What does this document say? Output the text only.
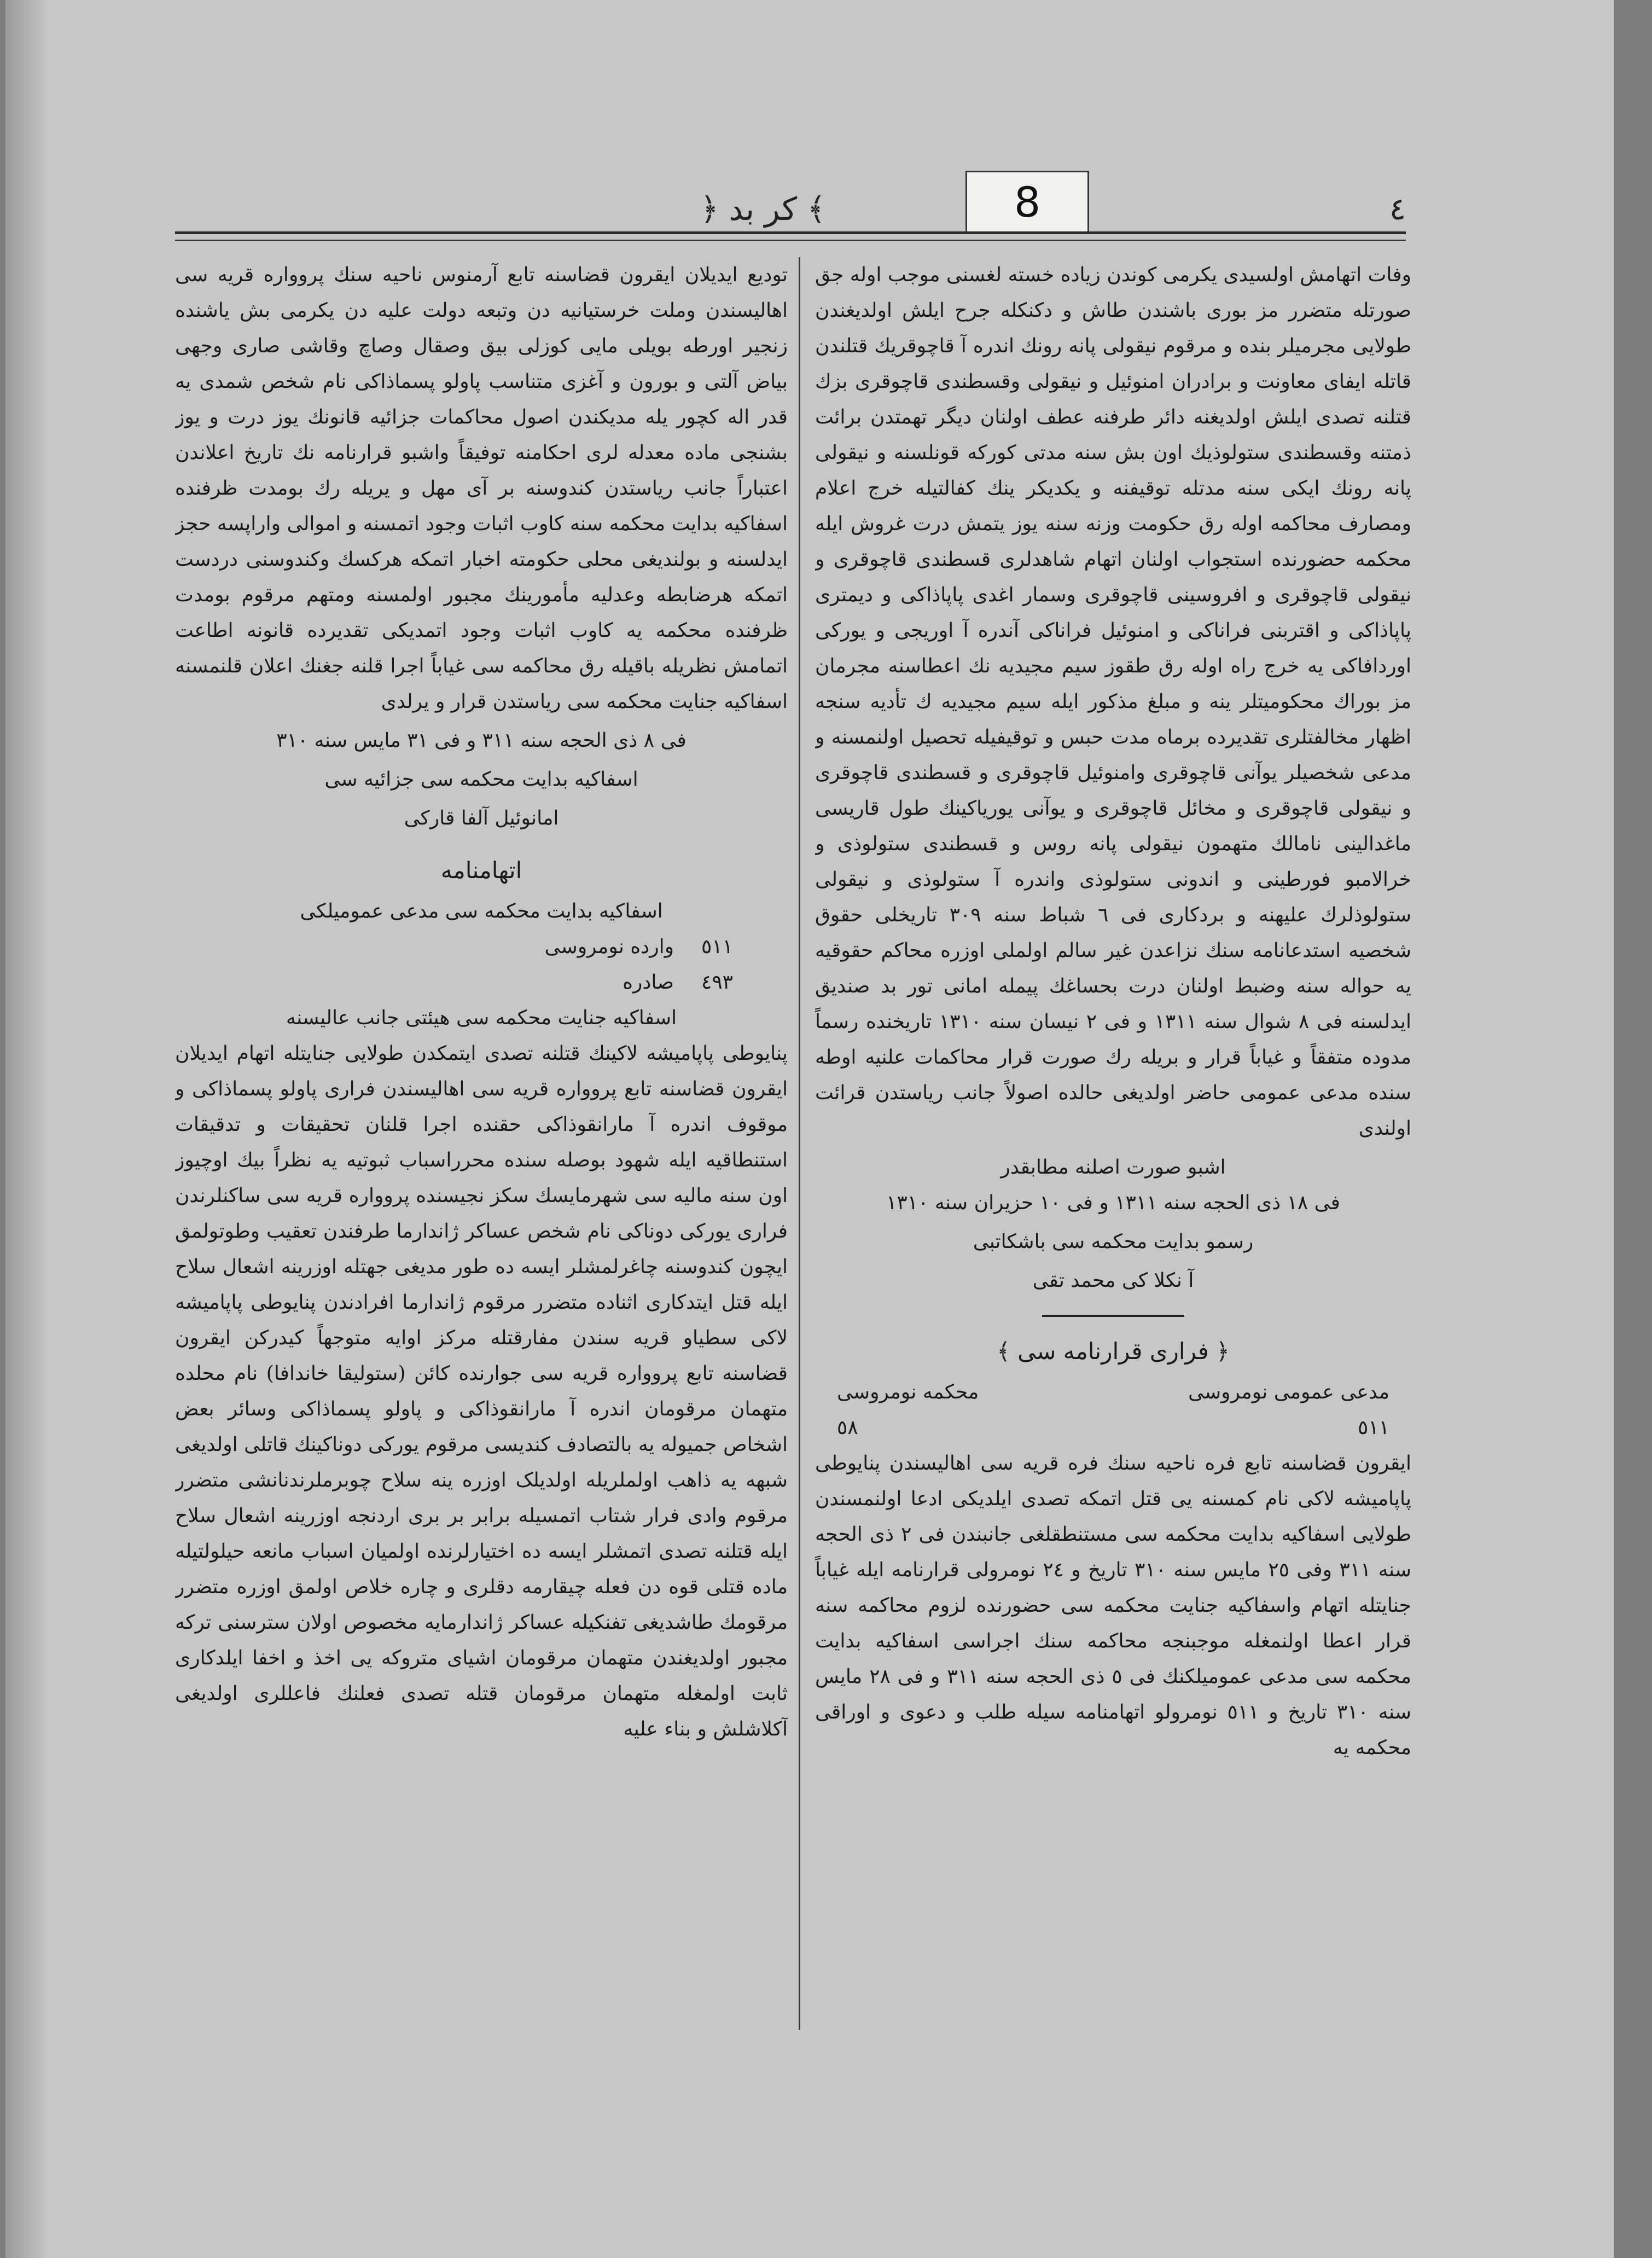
﴿ کر بد ﴾	٤
8

وفات اتهامش اولسیدی یکرمی کوندن زیاده خسته لغسنی موجب اوله جق صورتله متضرر مز بوری باشندن طاش و دکنکله جرح ایلش اولدیغندن طولایی مجرمیلر بنده و مرقوم نیقولی پانه رونك اندره آ قاچوقریك قتلندن قاتله ایفای معاونت و برادران امنوئیل و نیقولی وقسطندی قاچوقری بزك قتلنه تصدی ایلش اولدیغنه دائر طرفنه عطف اولنان دیگر تهمتدن برائت ذمتنه وقسطندی ستولوذیك اون بش سنه مدتی کورکه قونلسنه و نیقولی پانه رونك ایکی سنه مدتله توقیفنه و یکدیکر ینك کفالتیله خرج اعلام ومصارف محاکمه اوله رق حکومت وزنه سنه یوز یتمش درت غروش ایله محکمه حضورنده استجواب اولنان اتهام شاهدلری قسطندی قاچوقری و نیقولی قاچوقری و افروسینی قاچوقری وسمار اغدی پاپاذاکی و دیمتری پاپاذاکی و اقتربنی فراناکی و امنوئیل فراناکی آندره آ اوریجی و یورکی اوردافاکی یه خرج راه اوله رق طقوز سیم مجیدیه نك اعطاسنه مجرمان مز بوراك محکومیتلر ینه و مبلغ مذکور ایله سیم مجیدیه ك تأدیه سنجه اظهار مخالفتلری تقدیرده برماه مدت حبس و توقیفیله تحصیل اولنمسنه و مدعی شخصیلر یوآنی قاچوقری وامنوئیل قاچوقری و قسطندی قاچوقری و نیقولی قاچوقری و مخائل قاچوقری و یوآنی یوریاکینك طول قاریسی ماغدالینی نامالك متهمون نیقولی پانه روس و قسطندی ستولوذی و خرالامبو فورطینی و اندونی ستولوذی واندره آ ستولوذی و نیقولی ستولوذلرك علیهنه و بردکاری فی ٦ شباط سنه ٣٠٩ تاریخلی حقوق شخصیه استدعانامه سنك نزاعدن غیر سالم اولملی اوزره محاکم حقوقیه یه حواله سنه وضبط اولنان درت بحساغك پیمله امانی تور بد صندیق ایدلسنه فی ٨ شوال سنه ١٣١١ و فی ٢ نیسان سنه ١٣١٠ تاریخنده رسماً مدوده متفقاً و غیاباً قرار و بریله رك صورت قرار محاکمات علنیه اوطه سنده مدعی عمومی حاضر اولدیغی حالده اصولاً جانب ریاستدن قرائت اولندی

اشبو صورت اصلنه مطابقدر
فی ١٨ ذی الحجه سنه ١٣١١ و فی ١٠ حزیران سنه ١٣١٠
رسمو بدایت محکمه سی باشکاتبی
آ نکلا کی محمد تقی
﴿ فراری قرارنامه سی ﴾
مدعی عمومی نومروسی
محکمه نومروسی
٥١١
٥٨

ایقرون قضاسنه تابع فره ناحیه سنك فره قریه سی اهالیسندن پنایوطی پاپامیشه لاکی نام کمسنه یی قتل اتمکه تصدی ایلدیکی ادعا اولنمسندن طولایی اسفاکیه بدایت محکمه سی مستنطقلغی جانبندن فی ٢ ذی الحجه سنه ٣١١ وفی ٢٥ مایس سنه ٣١٠ تاریخ و ٢٤ نومرولی قرارنامه ایله غیاباً جنایتله اتهام واسفاکیه جنایت محکمه سی حضورنده لزوم محاکمه سنه قرار اعطا اولنمغله موجبنجه محاکمه سنك اجراسی اسفاکیه بدایت محکمه سی مدعی عمومیلکنك فی ٥ ذی الحجه سنه ٣١١ و فی ٢٨ مایس سنه ٣١٠ تاریخ و ٥١١ نومرولو اتهامنامه سیله طلب و دعوی و اوراقی محکمه یه

تودیع ایدیلان ایقرون قضاسنه تابع آرمنوس ناحیه سنك پروواره قریه سی اهالیسندن وملت خرستیانیه دن وتبعه دولت علیه دن یکرمی بش یاشنده زنجیر اورطه بویلی مایی کوزلی بیق وصقال وصاچ وقاشی صاری وجهی بیاض آلتی و بورون و آغزی متناسب پاولو پسماذاکی نام شخص شمدی یه قدر اله کچور یله مدیکندن اصول محاکمات جزائیه قانونك یوز درت و یوز بشنجی ماده معدله لری احکامنه توفیقاً واشبو قرارنامه نك تاریخ اعلاندن اعتباراً جانب ریاستدن کندوسنه بر آی مهل و یریله رك بومدت ظرفنده اسفاکیه بدایت محکمه سنه کاوب اثبات وجود اتمسنه و اموالی واراپسه حجز ایدلسنه و بولندیغی محلی حکومته اخبار اتمکه هرکسك وکندوسنی دردست اتمکه هرضابطه وعدلیه مأمورینك مجبور اولمسنه ومتهم مرقوم بومدت ظرفنده محکمه یه کاوب اثبات وجود اتمدیکی تقدیرده قانونه اطاعت اتمامش نظریله باقیله رق محاکمه سی غیاباً اجرا قلنه جغنك اعلان قلنمسنه اسفاکیه جنایت محکمه سی ریاستدن قرار و یرلدی

فی ٨ ذی الحجه سنه ٣١١ و فی ٣١ مایس سنه ٣١٠
اسفاکیه بدایت محکمه سی جزائیه سی
امانوئیل آلفا قارکی
اتهامنامه
اسفاکیه بدایت محکمه سی مدعی عمومیلکی
٥١١
وارده نومروسی
٤٩٣
صادره
اسفاکیه جنایت محکمه سی هیئتی جانب عالیسنه

پنایوطی پاپامیشه لاکینك قتلنه تصدی ایتمکدن طولایی جنایتله اتهام ایدیلان ایقرون قضاسنه تابع پروواره قریه سی اهالیسندن فراری پاولو پسماذاکی و موقوف اندره آ مارانقوذاکی حقنده اجرا قلنان تحقیقات و تدقیقات استنطاقیه ایله شهود بوصله سنده محرراسباب ثبوتیه یه نظراً بیك اوچیوز اون سنه مالیه سی شهرمایسك سکز نجیسنده پروواره قریه سی ساکنلرندن فراری یورکی دوناکی نام شخص عساکر ژاندارما طرفندن تعقیب وطوتولمق ایچون کندوسنه چاغرلمشلر ایسه ده طور مدیغی جهتله اوزرینه اشعال سلاح ایله قتل ایتدکاری اثناده متضرر مرقوم ژاندارما افرادندن پنایوطی پاپامیشه لاکی سطیاو قریه سندن مفارقتله مرکز اوایه متوجهاً کیدرکن ایقرون قضاسنه تابع پروواره قریه سی جوارنده کائن (ستولیقا خاندافا) نام محلده متهمان مرقومان اندره آ مارانقوذاکی و پاولو پسماذاکی وسائر بعض اشخاص جمیوله یه بالتصادف کندیسی مرقوم یورکی دوناکینك قاتلی اولدیغی شبهه یه ذاهب اولملریله اولدیلک اوزره ینه سلاح چوبرملرندنانشی متضرر مرقوم وادی فرار شتاب اتمسیله برابر بر بری اردنجه اوزرینه اشعال سلاح ایله قتلنه تصدی اتمشلر ایسه ده اختیارلرنده اولمیان اسباب مانعه حیلولتیله ماده قتلی قوه دن فعله چیقارمه دقلری و چاره خلاص اولمق اوزره متضرر مرقومك طاشدیغی تفنکیله عساکر ژاندارمایه مخصوص اولان سترسنی ترکه مجبور اولدیغندن متهمان مرقومان اشیای متروکه یی اخذ و اخفا ایلدکاری ثابت اولمغله متهمان مرقومان قتله تصدی فعلنك فاعللری اولدیغی آکلاشلش و بناء علیه
